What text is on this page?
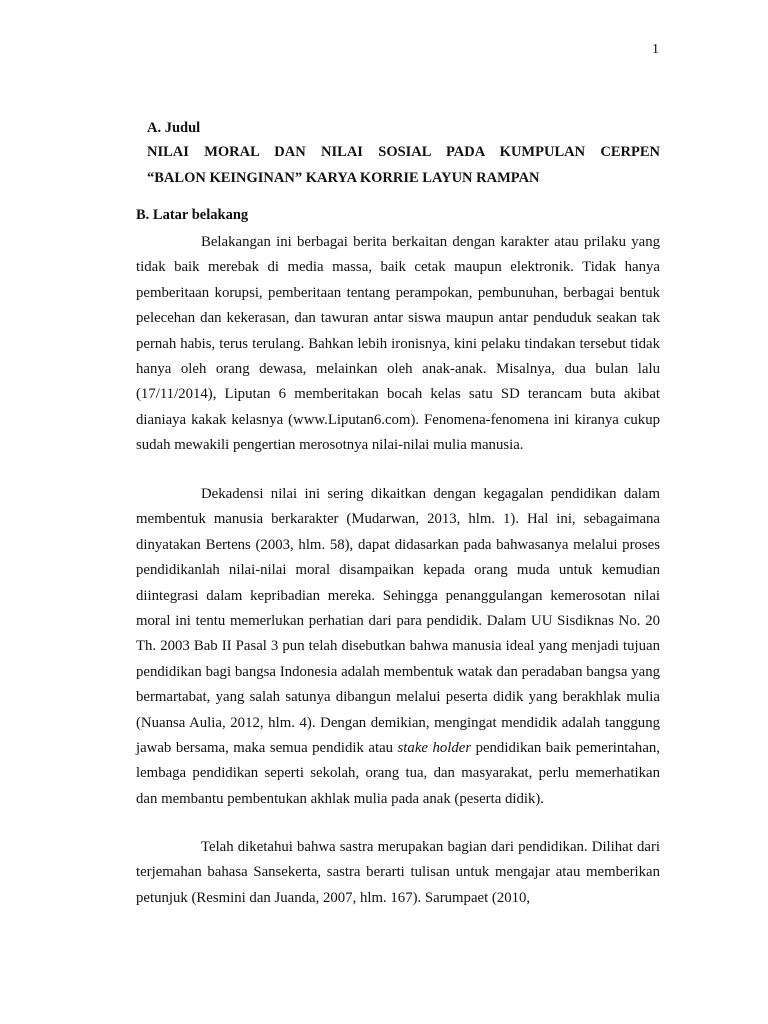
1
A. Judul
NILAI MORAL DAN NILAI SOSIAL PADA KUMPULAN CERPEN
“BALON KEINGINAN” KARYA KORRIE LAYUN RAMPAN
B. Latar belakang

Belakangan ini berbagai berita berkaitan dengan karakter atau prilaku yang tidak baik merebak di media massa, baik cetak maupun elektronik. Tidak hanya pemberitaan korupsi, pemberitaan tentang perampokan, pembunuhan, berbagai bentuk pelecehan dan kekerasan, dan tawuran antar siswa maupun antar penduduk seakan tak pernah habis, terus terulang. Bahkan lebih ironisnya, kini pelaku tindakan tersebut tidak hanya oleh orang dewasa, melainkan oleh anak-anak. Misalnya, dua bulan lalu (17/11/2014), Liputan 6 memberitakan bocah kelas satu SD terancam buta akibat dianiaya kakak kelasnya (www.Liputan6.com). Fenomena-fenomena ini kiranya cukup sudah mewakili pengertian merosotnya nilai-nilai mulia manusia.

Dekadensi nilai ini sering dikaitkan dengan kegagalan pendidikan dalam membentuk manusia berkarakter (Mudarwan, 2013, hlm. 1). Hal ini, sebagaimana dinyatakan Bertens (2003, hlm. 58), dapat didasarkan pada bahwasanya melalui proses pendidikanlah nilai-nilai moral disampaikan kepada orang muda untuk kemudian diintegrasi dalam kepribadian mereka. Sehingga penanggulangan kemerosotan nilai moral ini tentu memerlukan perhatian dari para pendidik. Dalam UU Sisdiknas No. 20 Th. 2003 Bab II Pasal 3 pun telah disebutkan bahwa manusia ideal yang menjadi tujuan pendidikan bagi bangsa Indonesia adalah membentuk watak dan peradaban bangsa yang bermartabat, yang salah satunya dibangun melalui peserta didik yang berakhlak mulia (Nuansa Aulia, 2012, hlm. 4). Dengan demikian, mengingat mendidik adalah tanggung jawab bersama, maka semua pendidik atau stake holder pendidikan baik pemerintahan, lembaga pendidikan seperti sekolah, orang tua, dan masyarakat, perlu memerhatikan dan membantu pembentukan akhlak mulia pada anak (peserta didik).

Telah diketahui bahwa sastra merupakan bagian dari pendidikan. Dilihat dari terjemahan bahasa Sansekerta, sastra berarti tulisan untuk mengajar atau memberikan petunjuk (Resmini dan Juanda, 2007, hlm. 167). Sarumpaet (2010,
